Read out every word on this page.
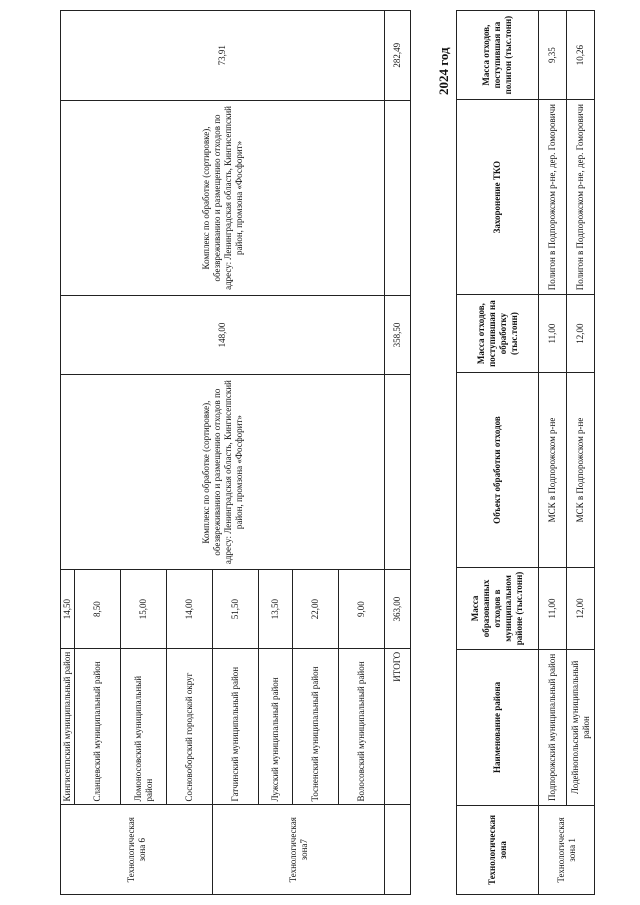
Технологическая зона 6	Кингисеппский муниципальный район	14,50	Комплекс по обработке (сортировке), обезвреживанию и размещению отходов по адресу: Ленинградская область, Кингисеппский район, промзона «Фосфорит»	148,00	Комплекс по обработке (сортировке), обезвреживанию и размещению отходов по адресу: Ленинградская область, Кингисеппский район, промзона «Фосфорит»	73,91
	Сланцевский муниципальный район	8,50				
	Ломоносовский муниципальный район	15,00				
	Сосновоборский городской округ	14,00				
Технологическая зона7	Гатчинский муниципальный район	51,50				
	Лужский муниципальный район	13,50				
	Тосненский муниципальный район	22,00				
	Волосовский муниципальный район	9,00				
	ИТОГО	363,00		358,50		282,49	2024 год
Технологическая зона	Наименование района	Масса образованных отходов в муниципальном районе (тыс.тонн)	Объект обработки отходов	Масса отходов, поступившая на обработку (тыс.тонн)	Захоронение ТКО	Масса отходов, поступившая на полигон (тыс.тонн)
Технологическая зона 1	Подпорожский муниципальный район	11,00	МСК в Подпорожском р-не	11,00	Полигон в Подпорожском р-не, дер. Гоморовичи	9,35
	Лодейнопольский муниципальный район	12,00	МСК в Подпорожском р-не	12,00	Полигон в Подпорожском р-не, дер. Гоморовичи	10,26
